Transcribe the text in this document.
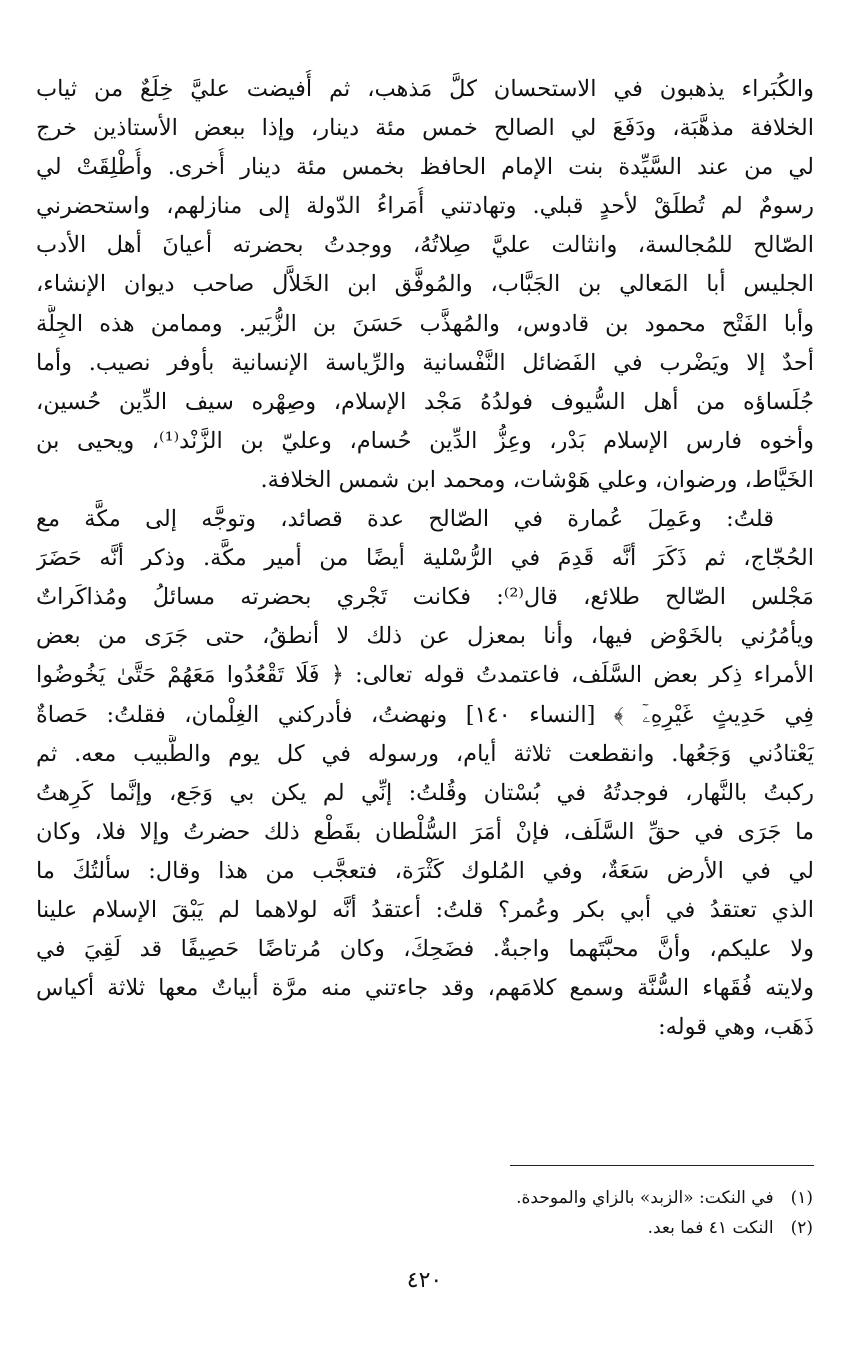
والكُبَراء يذهبون في الاستحسان كلَّ مَذهب، ثم أُفيضت عليَّ خِلَعٌ من ثياب
الخلافة مذهَّبَة، ودَفَعَ لي الصالح خمس مئة دينار، وإذا ببعض الأستاذين خرج
لي من عند السَّيِّدة بنت الإمام الحافظ بخمس مئة دينار أُخرى. وأُطْلِقَتْ لي
رسومٌ لم تُطلَقْ لأحدٍ قبلي. وتهادتني أُمَراءُ الدّولة إلى منازلهم، واستحضرني
الصّالح للمُجالسة، وانثالت عليَّ صِلاتُهُ، ووجدتُ بحضرته أعيانَ أهل الأدب
الجليس أبا المَعالي بن الجَبَّاب، والمُوفَّق ابن الخَلاَّل صاحب ديوان الإنشاء،
وأبا الفَتْح محمود بن قادوس، والمُهذَّب حَسَنَ بن الزُّبَير. وممامن هذه الجِلَّة
أحدٌ إلا ويَضْرب في الفَضائل النَّفْسانية والرِّياسة الإنسانية بأوفر نصيب. وأما
جُلَساؤه من أهل السُّيوف فولدُهُ مَجْد الإسلام، وصِهْره سيف الدِّين حُسين،
وأخوه فارس الإسلام بَدْر، وعِزُّ الدِّين حُسام، وعليّ بن الزَّنْد⁽¹⁾، ويحيى بن
الخَيَّاط، ورضوان، وعلي هَوْشات، ومحمد ابن شمس الخلافة.
قلتُ: وعَمِلَ عُمارة في الصّالح عدة قصائد، وتوجَّه إلى مكَّة مع
الحُجّاج، ثم ذَكَرَ أنَّه قَدِمَ في الرُّسْلية أيضًا من أمير مكَّة. وذكر أنَّه حَضَرَ
مَجْلس الصّالح طلائع، قال⁽²⁾: فكانت تَجْري بحضرته مسائلُ ومُذاكَراتٌ
ويأمُرُني بالخَوْض فيها، وأنا بمعزل عن ذلك لا أنطقُ، حتى جَرَى من بعض
الأمراء ذِكر بعض السَّلَف، فاعتمدتُ قوله تعالى: ﴿ فَلَا تَقْعُدُوا مَعَهُمْ حَتَّىٰ يَخُوضُوا
فِي حَدِيثٍ غَيْرِهِۦٓ ﴾ [النساء ١٤٠] ونهضتُ، فأدركني الغِلْمان، فقلتُ: حَصاةٌ
يَعْتادُني وَجَعُها. وانقطعت ثلاثة أيام، ورسوله في كل يوم والطَّبيب معه. ثم
ركبتُ بالنَّهار، فوجدتُهُ في بُسْتان وقُلتُ: إنِّي لم يكن بي وَجَع، وإنَّما كَرِهتُ
ما جَرَى في حقِّ السَّلَف، فإنْ أمَرَ السُّلْطان بقَطْع ذلك حضرتُ وإلا فلا، وكان
لي في الأرض سَعَةٌ، وفي المُلوك كَثْرَة، فتعجَّب من هذا وقال: سألتُكَ ما
الذي تعتقدُ في أبي بكر وعُمر؟ قلتُ: أعتقدُ أنَّه لولاهما لم يَبْقَ الإسلام علينا
ولا عليكم، وأنَّ محبَّتَهما واجبةٌ. فضَحِكَ، وكان مُرتاضًا حَصِيفًا قد لَقِيَ في
ولايته فُقَهاء السُّنَّة وسمع كلامَهم، وقد جاءتني منه مرَّة أبياتٌ معها ثلاثة أكياس
ذَهَب، وهي قوله:
(١) في النكت: «الزبد» بالزاي والموحدة.
(٢) النكت ٤١ فما بعد.
٤٢٠
